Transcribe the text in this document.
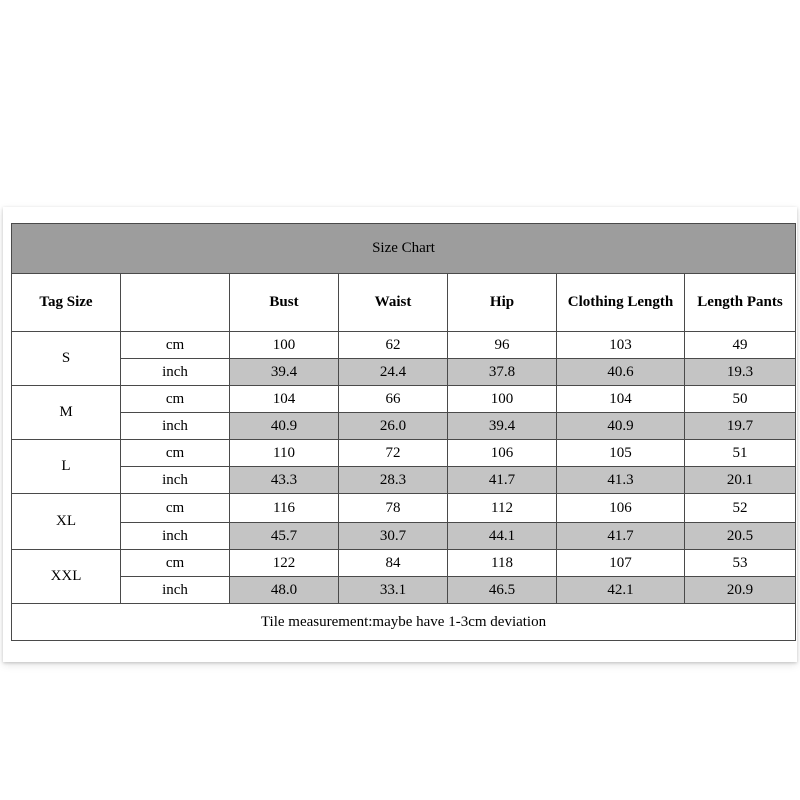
Size Chart						
Tag Size		Bust	Waist	Hip	Clothing Length	Length Pants
S	cm	100	62	96	103	49
	inch	39.4	24.4	37.8	40.6	19.3
M	cm	104	66	100	104	50
	inch	40.9	26.0	39.4	40.9	19.7
L	cm	110	72	106	105	51
	inch	43.3	28.3	41.7	41.3	20.1
XL	cm	116	78	112	106	52
	inch	45.7	30.7	44.1	41.7	20.5
XXL	cm	122	84	118	107	53
	inch	48.0	33.1	46.5	42.1	20.9
Tile measurement:maybe have 1-3cm deviation						
